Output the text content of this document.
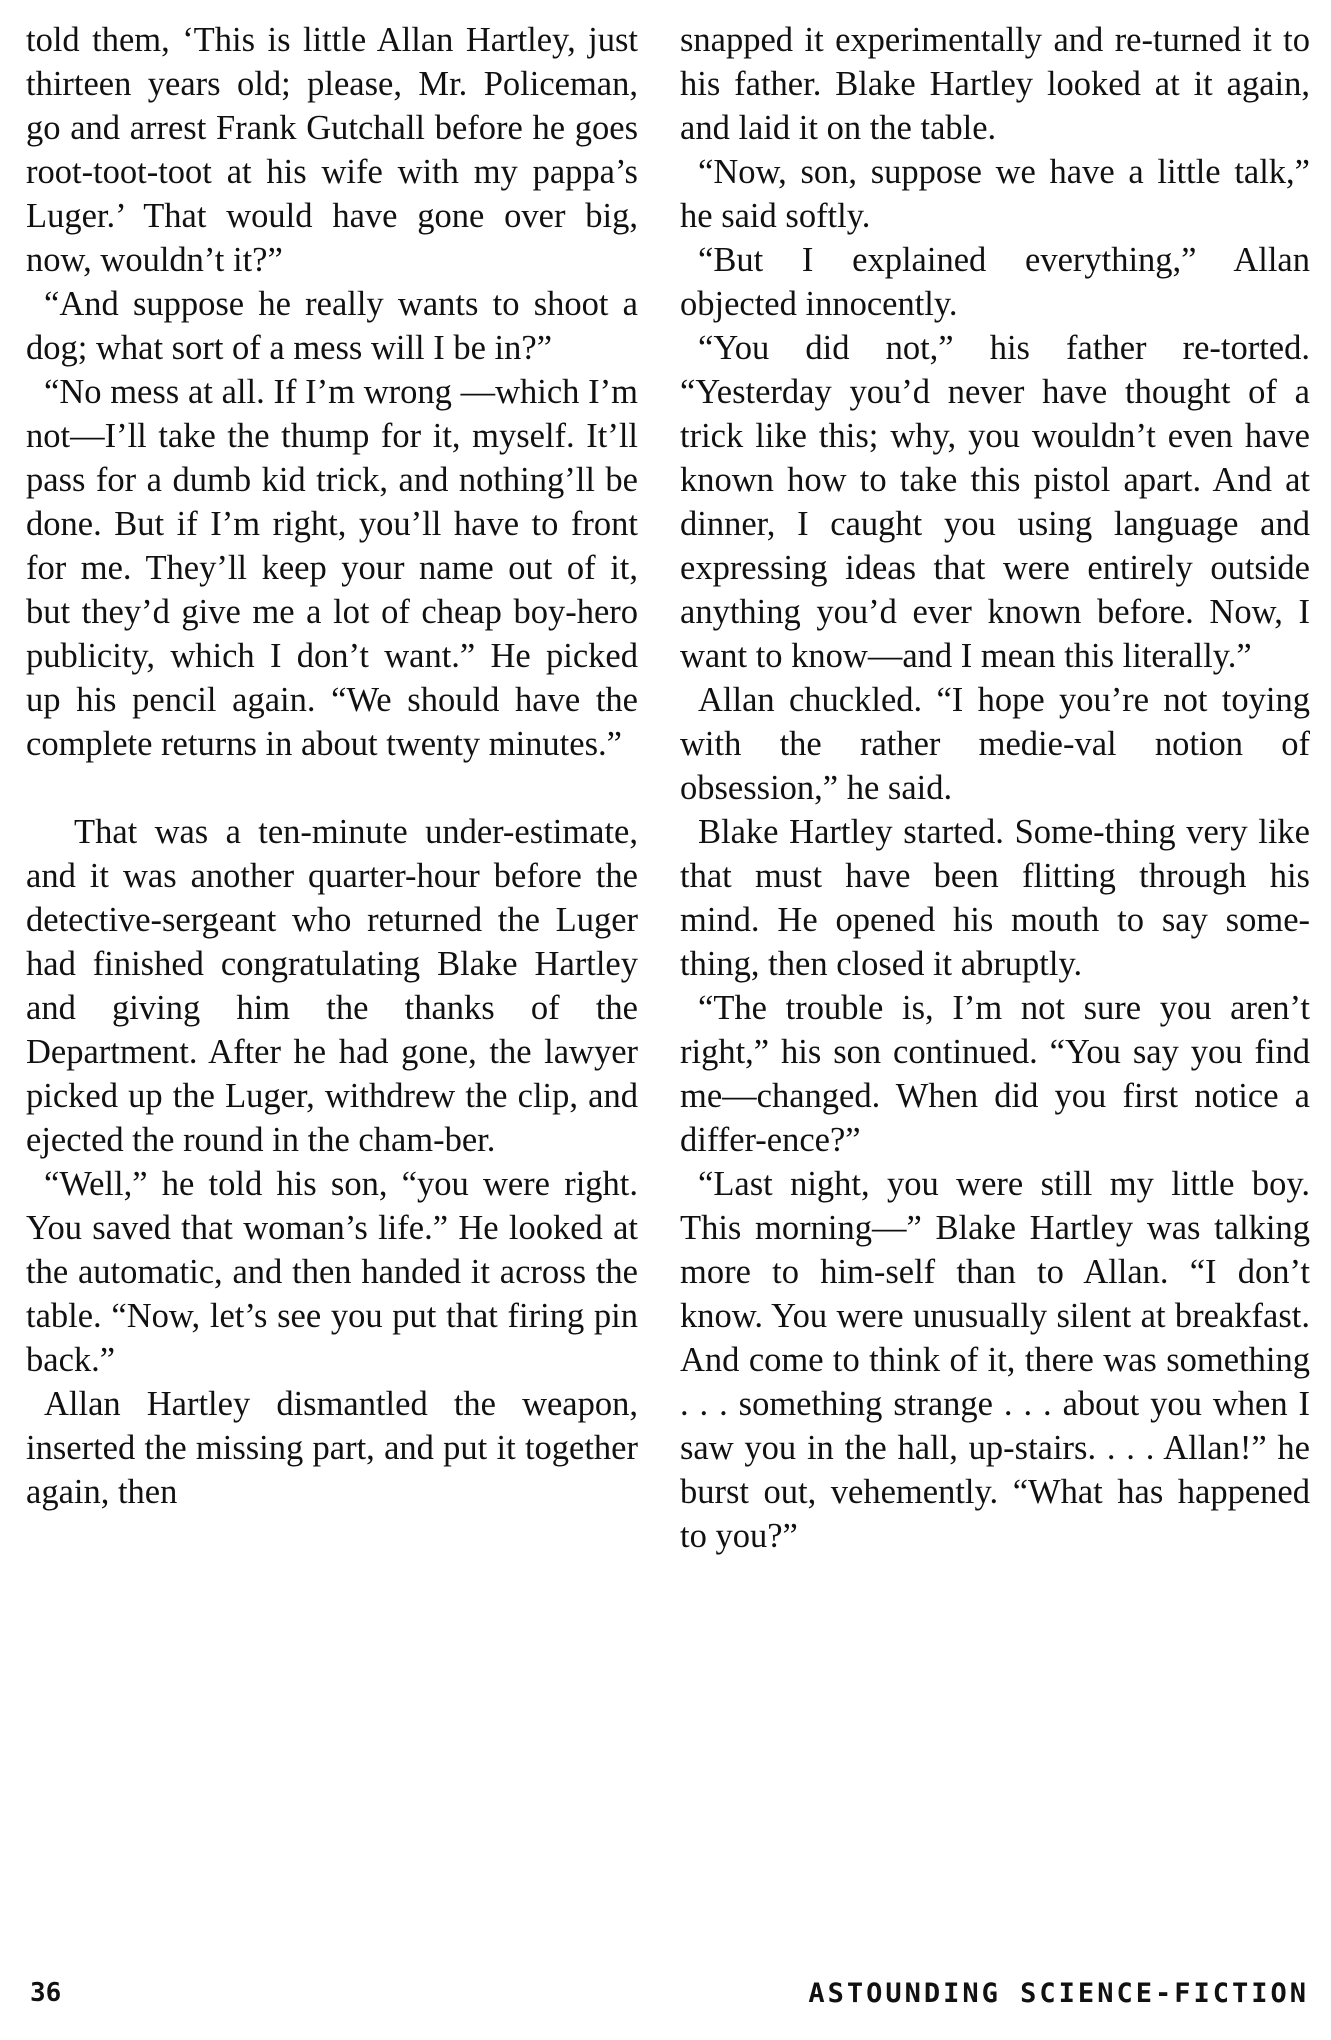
told them, ‘This is little Allan Hartley, just thirteen years old; please, Mr. Policeman, go and arrest Frank Gutchall before he goes root-toot-toot at his wife with my pappa’s Luger.’ That would have gone over big, now, wouldn’t it?”

“And suppose he really wants to shoot a dog; what sort of a mess will I be in?”

“No mess at all. If I’m wrong —which I’m not—I’ll take the thump for it, myself. It’ll pass for a dumb kid trick, and nothing’ll be done. But if I’m right, you’ll have to front for me. They’ll keep your name out of it, but they’d give me a lot of cheap boy-hero publicity, which I don’t want.” He picked up his pencil again. “We should have the complete returns in about twenty minutes.”

That was a ten-minute under-estimate, and it was another quarter-hour before the detective-sergeant who returned the Luger had finished congratulating Blake Hartley and giving him the thanks of the Department. After he had gone, the lawyer picked up the Luger, withdrew the clip, and ejected the round in the cham-ber.

“Well,” he told his son, “you were right. You saved that woman’s life.” He looked at the automatic, and then handed it across the table. “Now, let’s see you put that firing pin back.”

Allan Hartley dismantled the weapon, inserted the missing part, and put it together again, then

snapped it experimentally and re-turned it to his father. Blake Hartley looked at it again, and laid it on the table.

“Now, son, suppose we have a little talk,” he said softly.

“But I explained everything,” Allan objected innocently.

“You did not,” his father re-torted. “Yesterday you’d never have thought of a trick like this; why, you wouldn’t even have known how to take this pistol apart. And at dinner, I caught you using language and expressing ideas that were entirely outside anything you’d ever known before. Now, I want to know—and I mean this literally.”

Allan chuckled. “I hope you’re not toying with the rather medie-val notion of obsession,” he said.

Blake Hartley started. Some-thing very like that must have been flitting through his mind. He opened his mouth to say some-thing, then closed it abruptly.

“The trouble is, I’m not sure you aren’t right,” his son continued. “You say you find me—changed. When did you first notice a differ-ence?”

“Last night, you were still my little boy. This morning—” Blake Hartley was talking more to him-self than to Allan. “I don’t know. You were unusually silent at breakfast. And come to think of it, there was something . . . something strange . . . about you when I saw you in the hall, up-stairs. . . . Allan!” he burst out, vehemently. “What has happened to you?”

36	ASTOUNDING SCIENCE-FICTION
